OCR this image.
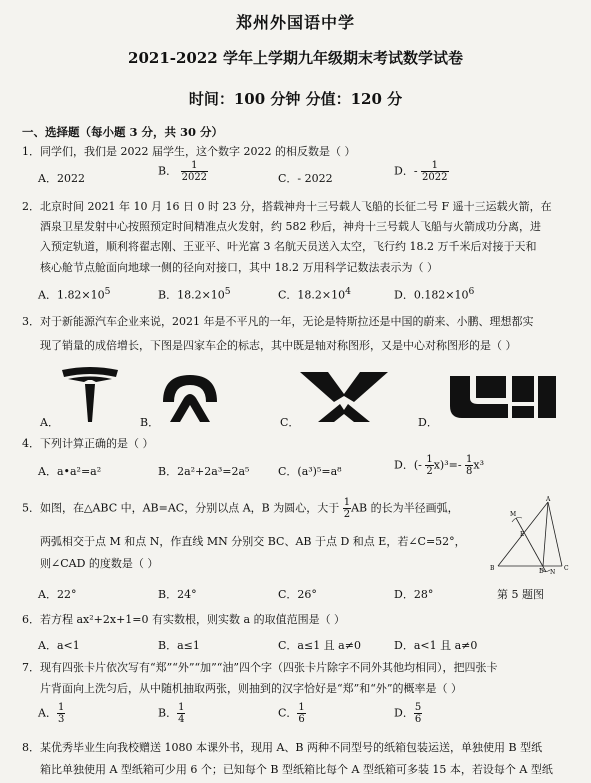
郑州外国语中学
2021-2022 学年上学期九年级期末考试数学试卷
时间：100 分钟 分值：120 分
一、选择题（每小题 3 分，共 30 分）
1．同学们，我们是 2022 届学生，这个数字 2022 的相反数是（ ）
A．2022
B． $\frac{1}{2022}$	C．- 2022
D．- $\frac{1}{2022}$
2．北京时间 2021 年 10 月 16 日 0 时 23 分，搭载神舟十三号载人飞船的长征二号 F 遥十三运载火箭，在
酒泉卫星发射中心按照预定时间精准点火发射，约 582 秒后，神舟十三号载人飞船与火箭成功分离，进
入预定轨道，顺利将翟志刚、王亚平、叶光富 3 名航天员送入太空，飞行约 18.2 万千米后对接于天和
核心舱节点舱面向地球一侧的径向对接口，其中 18.2 万用科学记数法表示为（ ）
A．$1.82\times 10^5$	B．$18.2\times 10^5$	C．$18.2\times 10^4$	D．$0.182\times 10^6$
3．对于新能源汽车企业来说，2021 年是不平凡的一年，无论是特斯拉还是中国的蔚来、小鹏、理想都实
现了销量的成倍增长，下图是四家车企的标志，其中既是轴对称图形，又是中心对称图形的是（ ）
A．	B．	C．	D．
4．下列计算正确的是（ ）
A．a•a²=a²	B．2a²+2a³=2a⁵	C．(a³)⁵=a⁸	D．(- $\frac{1}{2} x)^3=- \frac{1}{8} x^3$
5．如图，在△ABC 中，AB=AC，分别以点 A，B 为圆心，大于 $\frac{1}{2}$ AB 的长为半径画弧，
两弧相交于点 M 和点 N，作直线 MN 分别交 BC、AB 于点 D 和点 E，若∠C=52°，
则∠CAD 的度数是（ ）
A．22°	B．24°	C．26°	D．28°
A
B	C
D
E
M
N
第 5 题图
6．若方程 ax²+2x+1=0 有实数根，则实数 a 的取值范围是（ ）
A．a<1	B．a≤1	C．a≤1 且 a≠0	D．a<1 且 a≠0
7．现有四张卡片依次写有“郑”“外”“加”“油”四个字（四张卡片除字不同外其他均相同），把四张卡
片背面向上洗匀后，从中随机抽取两张，则抽到的汉字恰好是“郑”和“外”的概率是（ ）
A． $\frac{1}{3}$	B． $\frac{1}{4}$	C． $\frac{1}{6}$	D． $\frac{5}{6}$
8．某优秀毕业生向我校赠送 1080 本课外书，现用 A、B 两种不同型号的纸箱包装运送，单独使用 B 型纸
箱比单独使用 A 型纸箱可少用 6 个；已知每个 B 型纸箱比每个 A 型纸箱可多装 15 本，若设每个 A 型纸
